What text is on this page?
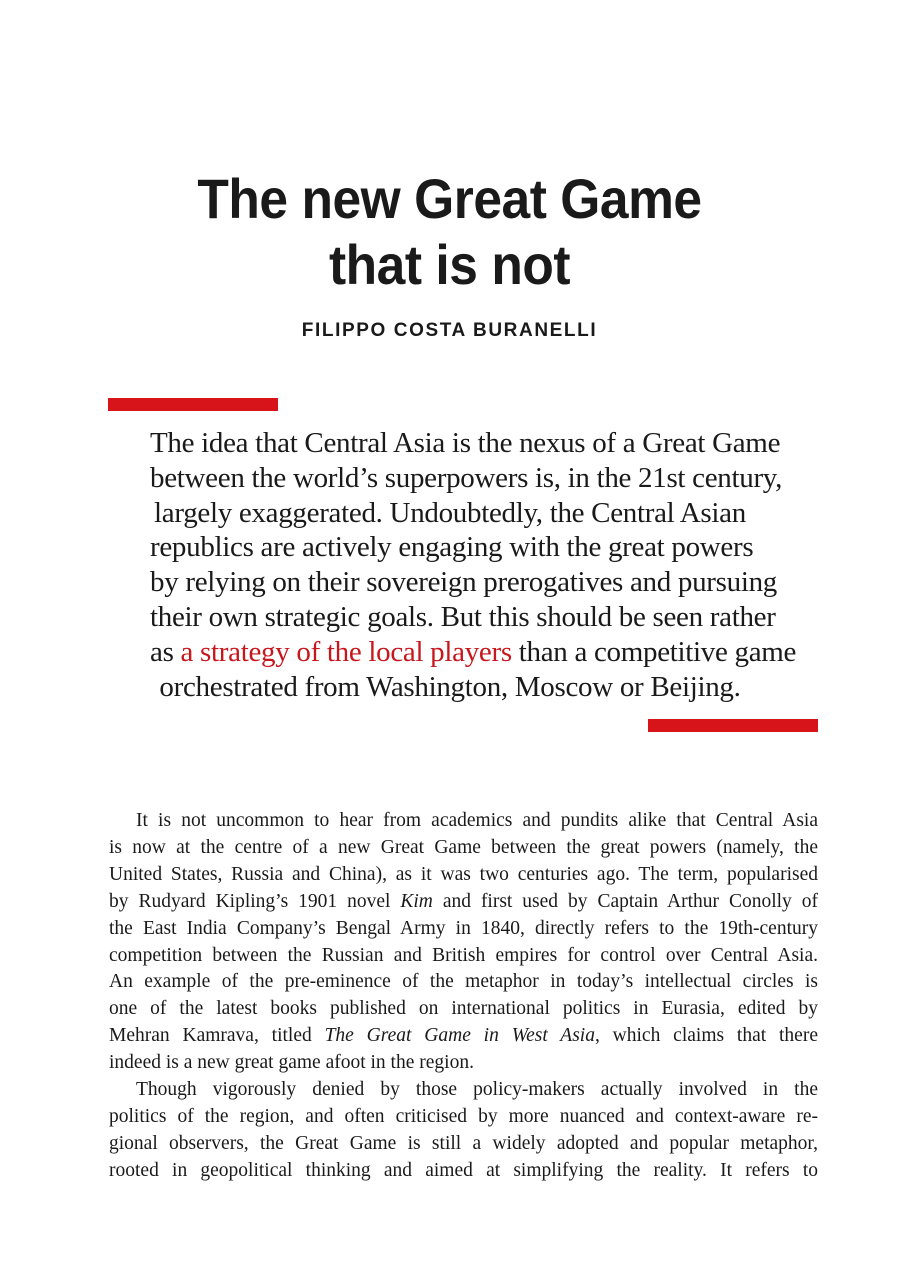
The new Great Game
that is not
FILIPPO COSTA BURANELLI
The idea that Central Asia is the nexus of a Great Game
between the world’s superpowers is, in the 21st century,
largely exaggerated. Undoubtedly, the Central Asian
republics are actively engaging with the great powers
by relying on their sovereign prerogatives and pursuing
their own strategic goals. But this should be seen rather
as a strategy of the local players than a competitive game
orchestrated from Washington, Moscow or Beijing.
It is not uncommon to hear from academics and pundits alike that Central Asia
is now at the centre of a new Great Game between the great powers (namely, the
United States, Russia and China), as it was two centuries ago. The term, popularised
by Rudyard Kipling’s 1901 novel Kim and first used by Captain Arthur Conolly of
the East India Company’s Bengal Army in 1840, directly refers to the 19th-century
competition between the Russian and British empires for control over Central Asia.
An example of the pre-eminence of the metaphor in today’s intellectual circles is
one of the latest books published on international politics in Eurasia, edited by
Mehran Kamrava, titled The Great Game in West Asia, which claims that there
indeed is a new great game afoot in the region.
Though vigorously denied by those policy-makers actually involved in the
politics of the region, and often criticised by more nuanced and context-aware re-
gional observers, the Great Game is still a widely adopted and popular metaphor,
rooted in geopolitical thinking and aimed at simplifying the reality. It refers to
